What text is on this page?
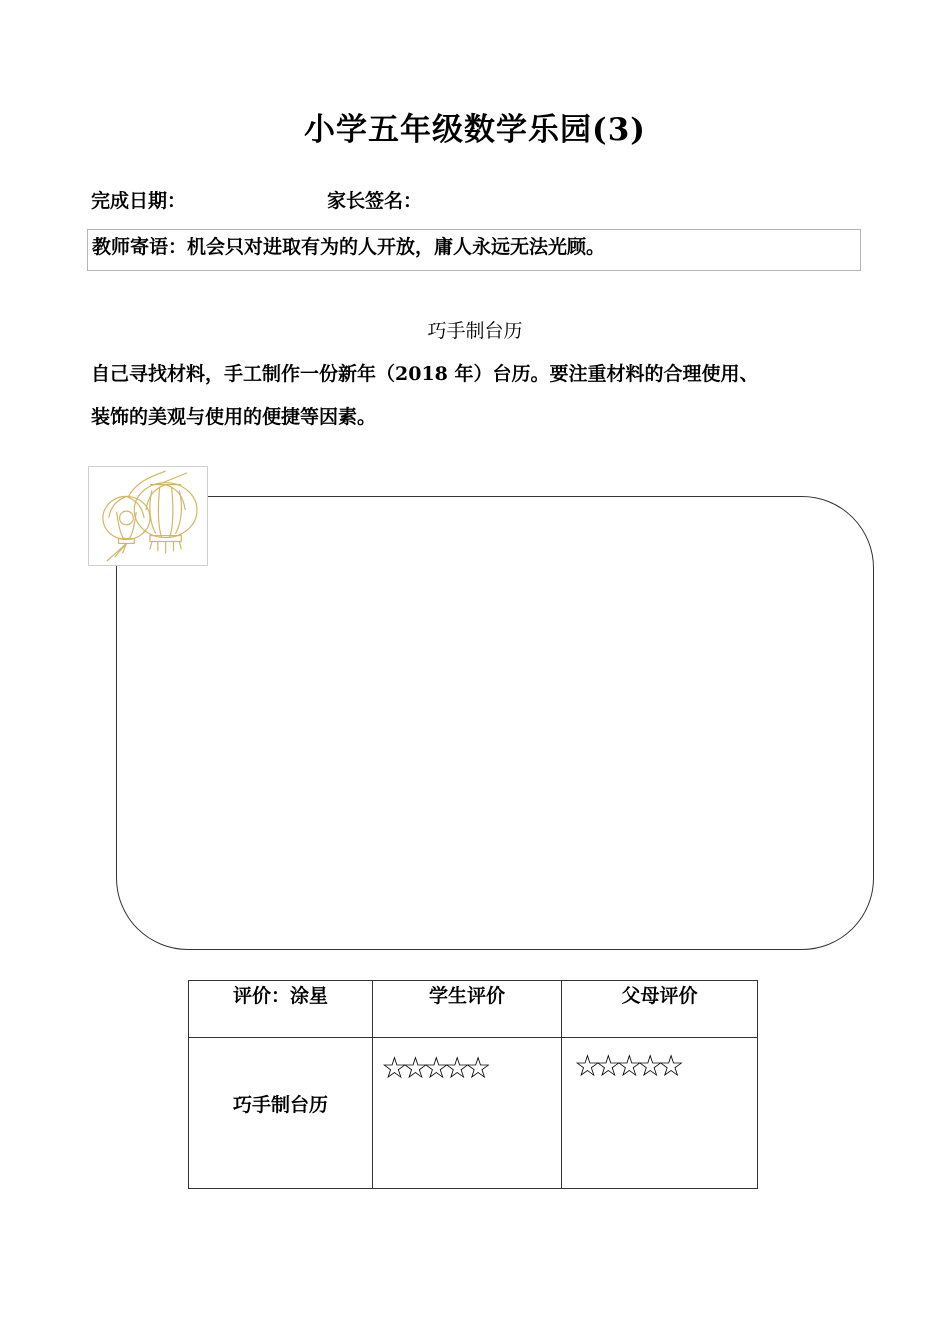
小学五年级数学乐园(3)
完成日期：	家长签名：
教师寄语：机会只对进取有为的人开放，庸人永远无法光顾。
巧手制台历
自己寻找材料，手工制作一份新年（2018 年）台历。要注重材料的合理使用、
装饰的美观与使用的便捷等因素。
评价：涂星	学生评价	父母评价

巧手制台历	☆☆☆☆☆	☆☆☆☆☆
